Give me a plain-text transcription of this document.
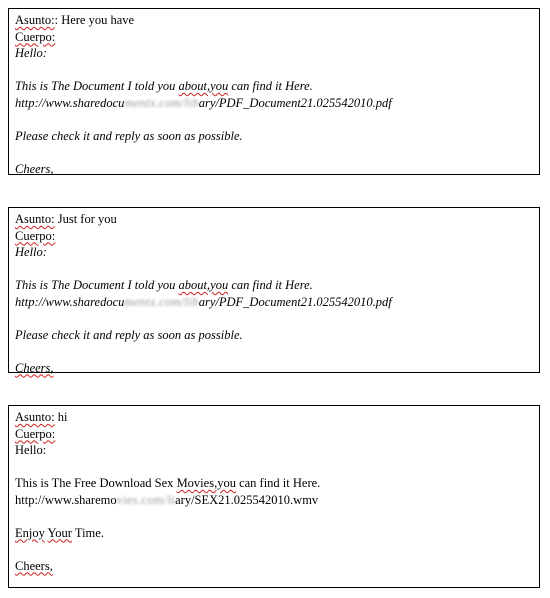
Asunto:: Here you have
Cuerpo:
Hello:
This is The Document I told you about,you can find it Here.
http://www.sharedocumentx.com/libary/PDF_Document21.025542010.pdf
Please check it and reply as soon as possible.
Cheers,
Asunto: Just for you
Cuerpo:
Hello:
This is The Document I told you about,you can find it Here.
http://www.sharedocumentx.com/libary/PDF_Document21.025542010.pdf
Please check it and reply as soon as possible.
Cheers,
Asunto: hi
Cuerpo:
Hello:
This is The Free Download Sex Movies,you can find it Here.
http://www.sharemovies.com/liary/SEX21.025542010.wmv
Enjoy Your Time.
Cheers,
